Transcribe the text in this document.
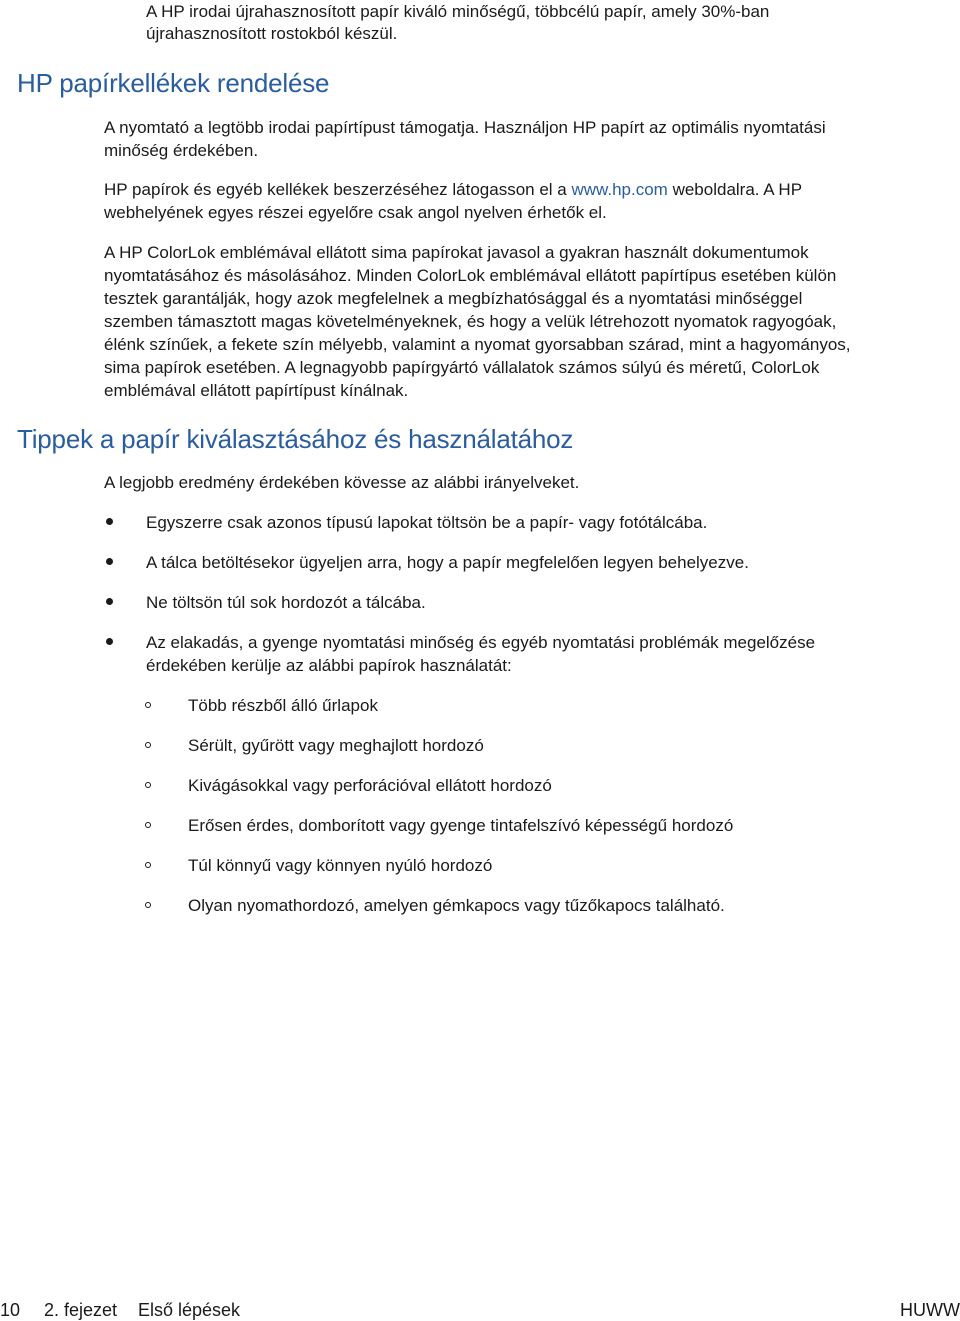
A HP irodai újrahasznosított papír kiváló minőségű, többcélú papír, amely 30%-ban

újrahasznosított rostokból készül.

HP papírkellékek rendelése

A nyomtató a legtöbb irodai papírtípust támogatja. Használjon HP papírt az optimális nyomtatási

minőség érdekében.

HP papírok és egyéb kellékek beszerzéséhez látogasson el a www.hp.com weboldalra. A HP

webhelyének egyes részei egyelőre csak angol nyelven érhetők el.

A HP ColorLok emblémával ellátott sima papírokat javasol a gyakran használt dokumentumok

nyomtatásához és másolásához. Minden ColorLok emblémával ellátott papírtípus esetében külön

tesztek garantálják, hogy azok megfelelnek a megbízhatósággal és a nyomtatási minőséggel

szemben támasztott magas követelményeknek, és hogy a velük létrehozott nyomatok ragyogóak,

élénk színűek, a fekete szín mélyebb, valamint a nyomat gyorsabban szárad, mint a hagyományos,

sima papírok esetében. A legnagyobb papírgyártó vállalatok számos súlyú és méretű, ColorLok

emblémával ellátott papírtípust kínálnak.

Tippek a papír kiválasztásához és használatához

A legjobb eredmény érdekében kövesse az alábbi irányelveket.

Egyszerre csak azonos típusú lapokat töltsön be a papír- vagy fotótálcába.

A tálca betöltésekor ügyeljen arra, hogy a papír megfelelően legyen behelyezve.

Ne töltsön túl sok hordozót a tálcába.

Az elakadás, a gyenge nyomtatási minőség és egyéb nyomtatási problémák megelőzése

érdekében kerülje az alábbi papírok használatát:

Több részből álló űrlapok

Sérült, gyűrött vagy meghajlott hordozó

Kivágásokkal vagy perforációval ellátott hordozó

Erősen érdes, domborított vagy gyenge tintafelszívó képességű hordozó

Túl könnyű vagy könnyen nyúló hordozó

Olyan nyomathordozó, amelyen gémkapocs vagy tűzőkapocs található.

10 2. fejezet Első lépések	HUWW
